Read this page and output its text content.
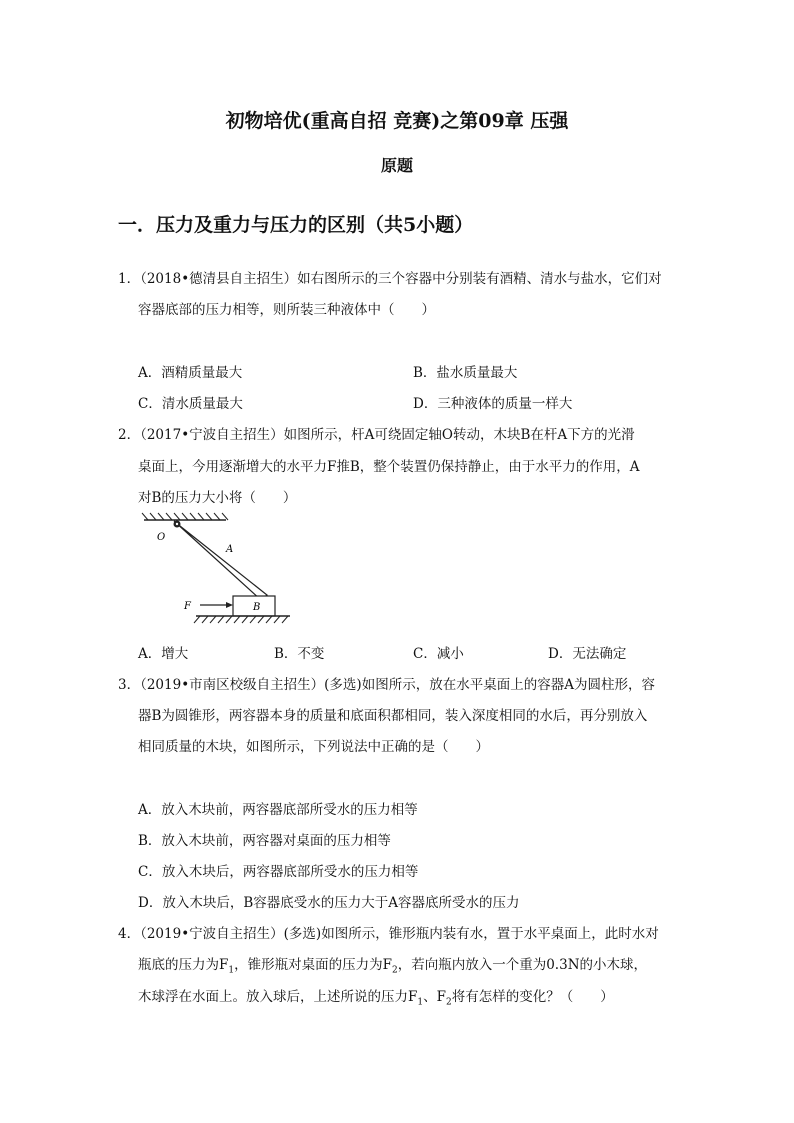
初物培优(重高自招 竞赛)之第09章 压强
原题
一．压力及重力与压力的区别（共5小题）
1．（2018•德清县自主招生）如右图所示的三个容器中分别装有酒精、清水与盐水，它们对
容器底部的压力相等，则所装三种液体中（　　）
A．酒精质量最大	B．盐水质量最大
C．清水质量最大	D．三种液体的质量一样大
2．（2017•宁波自主招生）如图所示，杆A可绕固定轴O转动，木块B在杆A下方的光滑
桌面上，今用逐渐增大的水平力F推B，整个装置仍保持静止，由于水平力的作用，A
对B的压力大小将（　　）
O
A
F	B
A．增大	B．不变	C．减小	D．无法确定
3．（2019•市南区校级自主招生）(多选)如图所示，放在水平桌面上的容器A为圆柱形，容
器B为圆锥形，两容器本身的质量和底面积都相同，装入深度相同的水后，再分别放入
相同质量的木块，如图所示，下列说法中正确的是（　　）
A．放入木块前，两容器底部所受水的压力相等
B．放入木块前，两容器对桌面的压力相等
C．放入木块后，两容器底部所受水的压力相等
D．放入木块后，B容器底受水的压力大于A容器底所受水的压力
4．（2019•宁波自主招生）(多选)如图所示，锥形瓶内装有水，置于水平桌面上，此时水对
瓶底的压力为$F_1$，锥形瓶对桌面的压力为$F_2$，若向瓶内放入一个重为0.3N的小木球，
木球浮在水面上。放入球后，上述所说的压力$F_1$、$F_2$将有怎样的变化？（　　）
